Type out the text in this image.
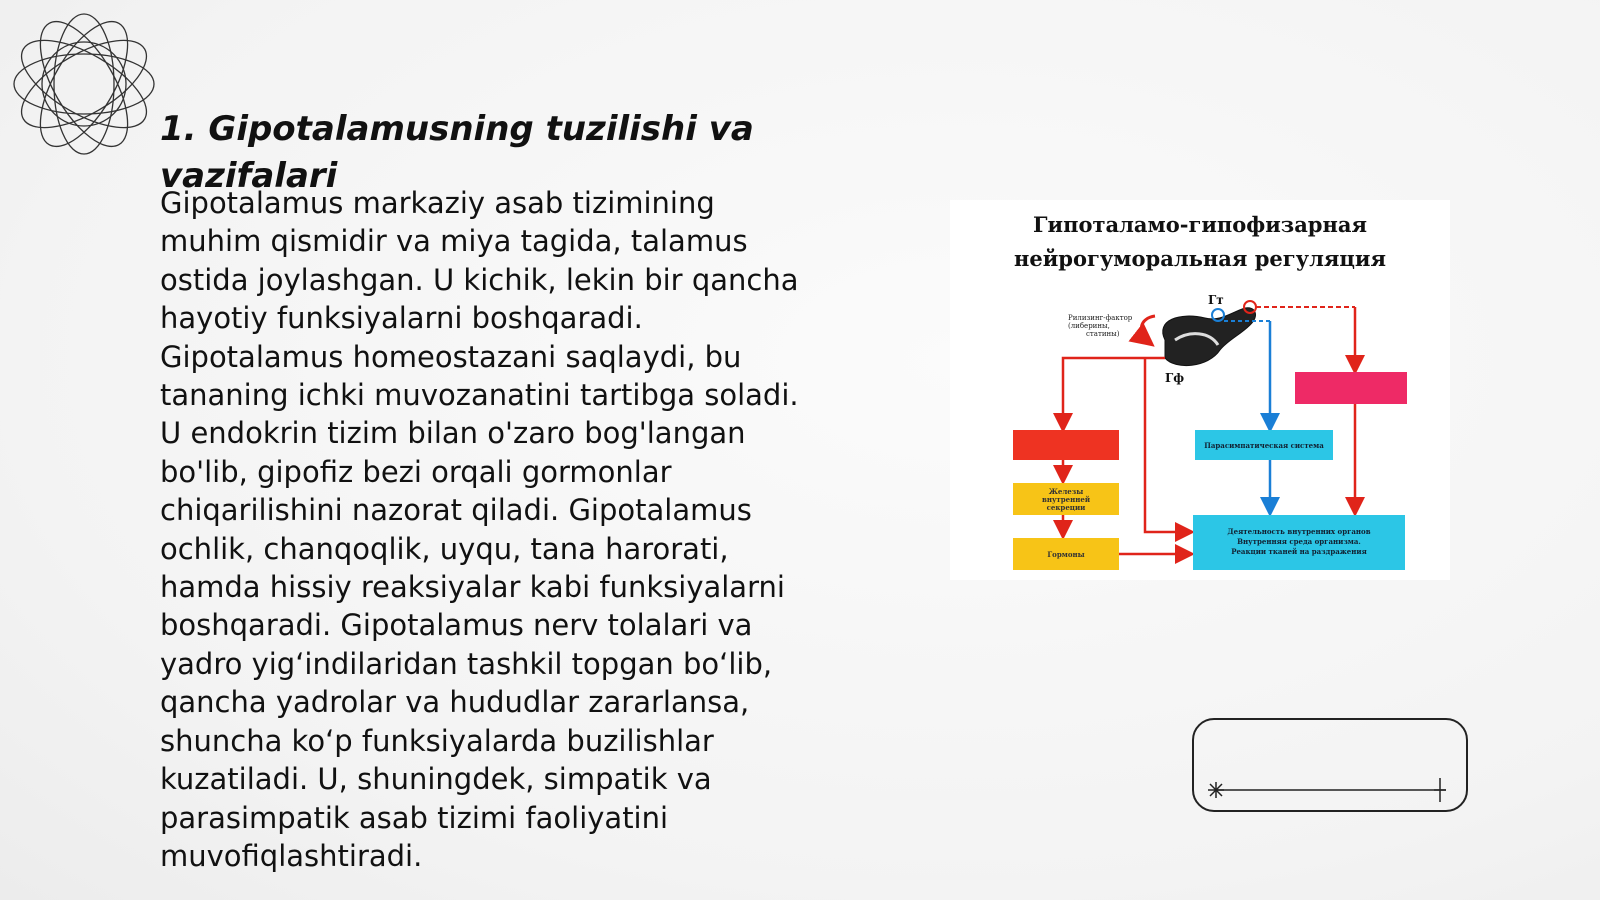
1. Gipotalamusning tuzilishi va vazifalari

Gipotalamus markaziy asab tizimining muhim qismidir va miya tagida, talamus ostida joylashgan. U kichik, lekin bir qancha hayotiy funksiyalarni boshqaradi. Gipotalamus homeostazani saqlaydi, bu tananing ichki muvozanatini tartibga soladi. U endokrin tizim bilan o'zaro bog'langan bo'lib, gipofiz bezi orqali gormonlar chiqarilishini nazorat qiladi. Gipotalamus ochlik, chanqoqlik, uyqu, tana harorati, hamda hissiy reaksiyalar kabi funksiyalarni boshqaradi. Gipotalamus nerv tolalari va yadro yig‘indilaridan tashkil topgan bo‘lib, qancha yadrolar va hududlar zararlansa, shuncha ko‘p funksiyalarda buzilishlar kuzatiladi. U, shuningdek, simpatik va parasimpatik asab tizimi faoliyatini muvofiqlashtiradi.

Гипоталамо-гипофизарная
нейрогуморальная регуляция
Гт
Гф
Рилизинг-фактор
(либерины,
статины)
Парасимпатическая система
Железы
внутренней
секреции
Гормоны
Деятельность внутренних органов
Внутренняя среда организма.
Реакции тканей на раздражения
